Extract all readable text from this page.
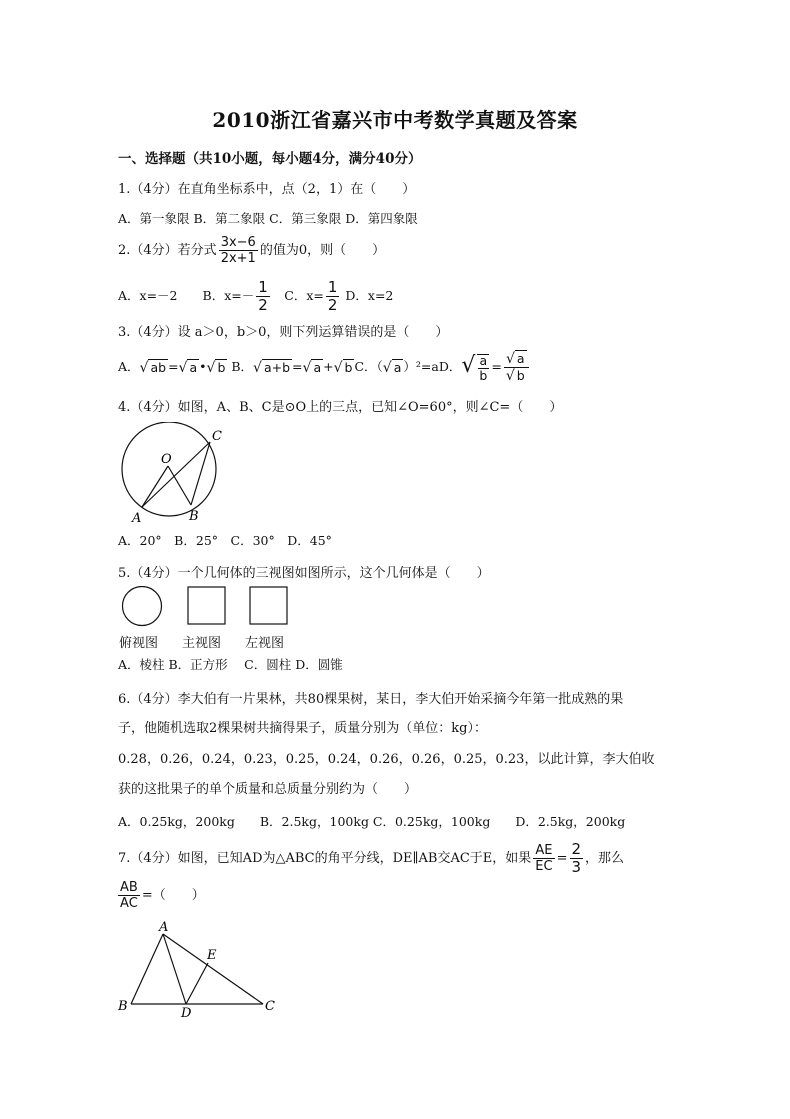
2010浙江省嘉兴市中考数学真题及答案
一、选择题（共10小题，每小题4分，满分40分）
1.（4分）在直角坐标系中，点（2，1）在（　　）
A．第一象限 B．第二象限 C．第三象限 D．第四象限
2.（4分）若分式 $\frac{3x-6}{2x+1}$ 的值为0，则（　　）
A．x=－2　　B．$x=- \frac{1}{2}$ 　C．$x= \frac{1}{2}$ D．x=2
3.（4分）设 a＞0，b＞0，则下列运算错误的是（　　）
A．√ ab =√ a •√ b B．√ a+b =√ a +√ b C．（√ a ）²=aD．√ $\frac{a}{b} = \frac{√ a}{√ b}$
4.（4分）如图，A、B、C是⊙O上的三点，已知∠O=60°，则∠C=（　　）
C
O
A	B
A．20°　B．25°　C．30°　D．45°
5.（4分）一个几何体的三视图如图所示，这个几何体是（　　）
俯视图 主视图 左视图
A．棱柱 B．正方形　 C．圆柱 D．圆锥
6.（4分）李大伯有一片果林，共80棵果树，某日，李大伯开始采摘今年第一批成熟的果
子，他随机选取2棵果树共摘得果子，质量分别为（单位：kg）：
0.28，0.26，0.24，0.23，0.25，0.24，0.26，0.26，0.25，0.23，以此计算，李大伯收
获的这批果子的单个质量和总质量分别约为（　　）
A．0.25kg，200kg　　B．2.5kg，100kg C．0.25kg，100kg　　D．2.5kg，200kg
7.（4分）如图，已知AD为△ABC的角平分线，DE∥AB交AC于E，如果 $\frac{AE}{EC} = \frac{2}{3}$ ，那么
$\frac{AB}{AC}$ =（　　）
A
E
B	D	C
